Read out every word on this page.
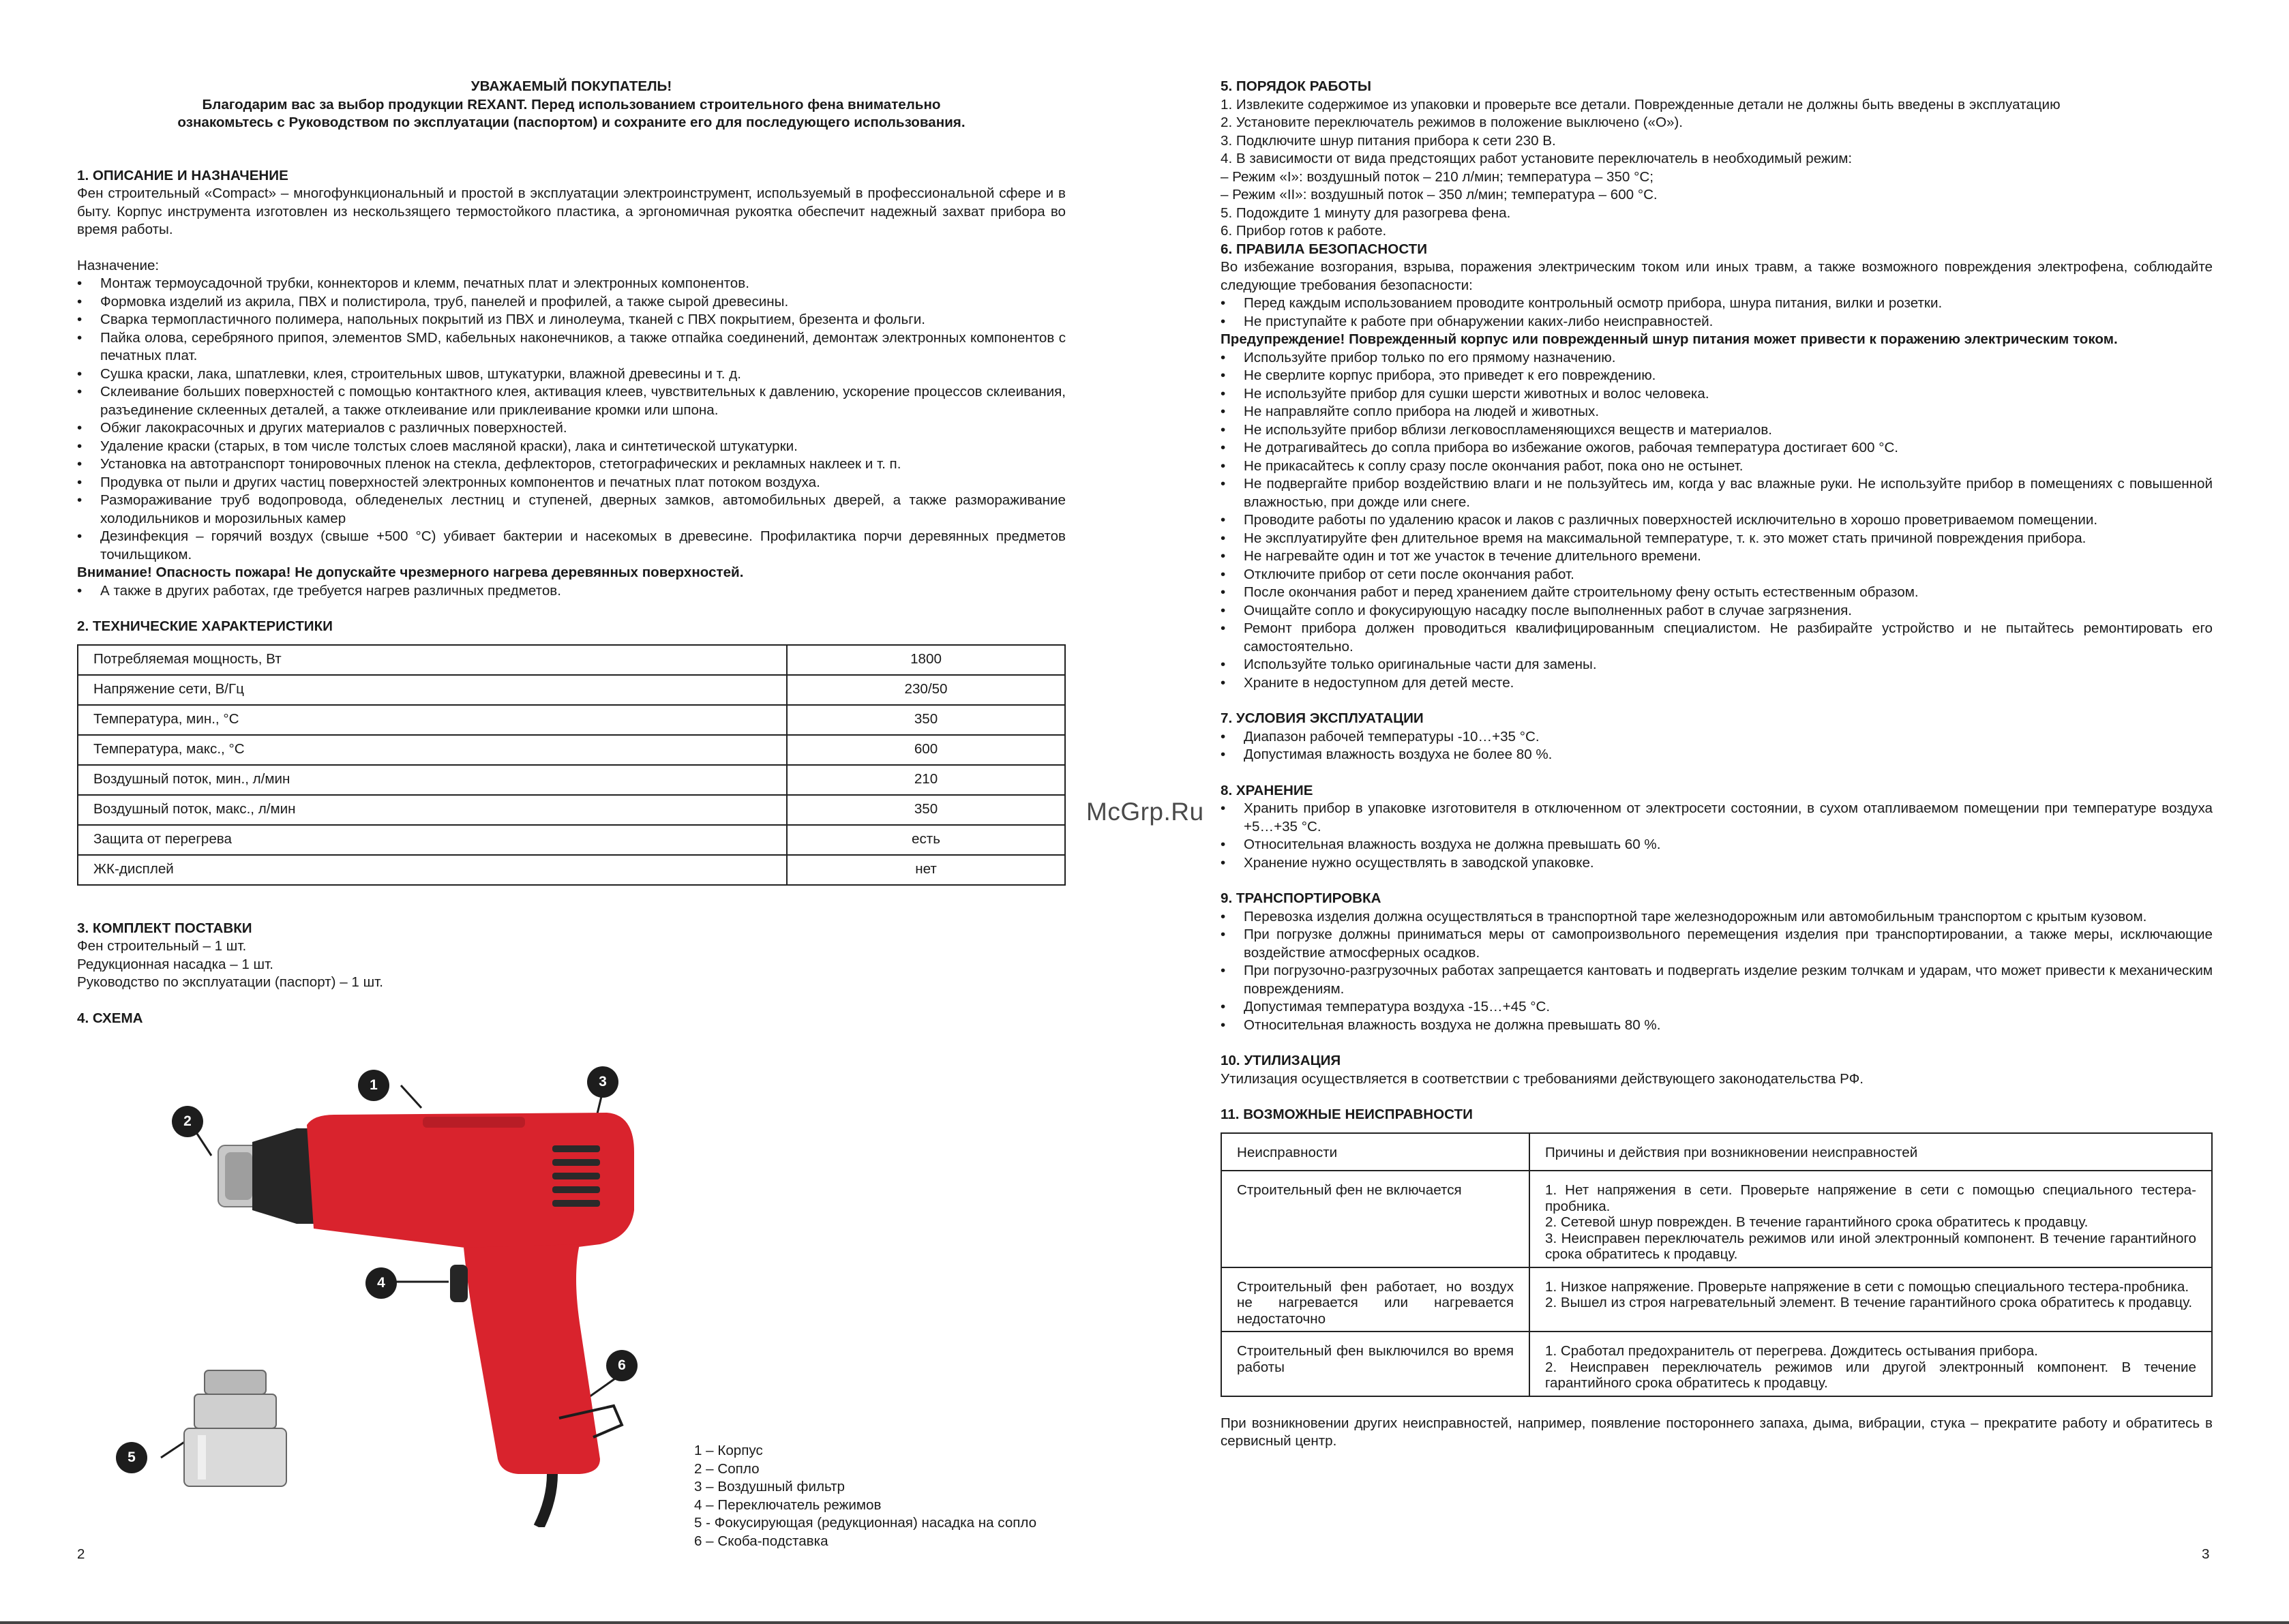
УВАЖАЕМЫЙ ПОКУПАТЕЛЬ!
Благодарим вас за выбор продукции REXANT. Перед использованием строительного фена внимательно
ознакомьтесь с Руководством по эксплуатации (паспортом) и сохраните его для последующего использования.

1. ОПИСАНИЕ И НАЗНАЧЕНИЕ

Фен строительный «Compact» – многофункциональный и простой в эксплуатации электроинструмент, используемый в профессиональной сфере и в быту. Корпус инструмента изготовлен из нескользящего термостойкого пластика, а эргономичная рукоятка обеспечит надежный захват прибора во время работы.

Назначение:

• Монтаж термоусадочной трубки, коннекторов и клемм, печатных плат и электронных компонентов.
• Формовка изделий из акрила, ПВХ и полистирола, труб, панелей и профилей, а также сырой древесины.
• Сварка термопластичного полимера, напольных покрытий из ПВХ и линолеума, тканей с ПВХ покрытием, брезента и фольги.
• Пайка олова, серебряного припоя, элементов SMD, кабельных наконечников, а также отпайка соединений, демонтаж электронных компонентов с печатных плат.
• Сушка краски, лака, шпатлевки, клея, строительных швов, штукатурки, влажной древесины и т. д.
• Склеивание больших поверхностей с помощью контактного клея, активация клеев, чувствительных к давлению, ускорение процессов склеивания, разъединение склеенных деталей, а также отклеивание или приклеивание кромки или шпона.
• Обжиг лакокрасочных и других материалов с различных поверхностей.
• Удаление краски (старых, в том числе толстых слоев масляной краски), лака и синтетической штукатурки.
• Установка на автотранспорт тонировочных пленок на стекла, дефлекторов, стетографических и рекламных наклеек и т. п.
• Продувка от пыли и других частиц поверхностей электронных компонентов и печатных плат потоком воздуха.
• Размораживание труб водопровода, обледенелых лестниц и ступеней, дверных замков, автомобильных дверей, а также размораживание холодильников и морозильных камер
• Дезинфекция – горячий воздух (свыше +500 °C) убивает бактерии и насекомых в древесине. Профилактика порчи деревянных предметов точильщиком.

Внимание! Опасность пожара! Не допускайте чрезмерного нагрева деревянных поверхностей.

• А также в других работах, где требуется нагрев различных предметов.

2. ТЕХНИЧЕСКИЕ ХАРАКТЕРИСТИКИ

Потребляемая мощность, Вт	1800
Напряжение сети, В/Гц	230/50
Температура, мин., °С	350
Температура, макс., °С	600
Воздушный поток, мин., л/мин	210
Воздушный поток, макс., л/мин	350
Защита от перегрева	есть
ЖК-дисплей	нет

3. КОМПЛЕКТ ПОСТАВКИ

Фен строительный – 1 шт.

Редукционная насадка – 1 шт.

Руководство по эксплуатации (паспорт) – 1 шт.

4. СХЕМА

1
2
3
4
5
6
1 – Корпус
2 – Сопло
3 – Воздушный фильтр
4 – Переключатель режимов
5 - Фокусирующая (редукционная) насадка на сопло
6 – Скоба-подставка
2

5. ПОРЯДОК РАБОТЫ

1. Извлеките содержимое из упаковки и проверьте все детали. Поврежденные детали не должны быть введены в эксплуатацию

2. Установите переключатель режимов в положение выключено («О»).

3. Подключите шнур питания прибора к сети 230 В.

4. В зависимости от вида предстоящих работ установите переключатель в необходимый режим:

– Режим «I»: воздушный поток – 210 л/мин; температура – 350 °C;

– Режим «II»: воздушный поток – 350 л/мин; температура – 600 °C.

5. Подождите 1 минуту для разогрева фена.

6. Прибор готов к работе.

6. ПРАВИЛА БЕЗОПАСНОСТИ

Во избежание возгорания, взрыва, поражения электрическим током или иных травм, а также возможного повреждения электрофена, соблюдайте следующие требования безопасности:

• Перед каждым использованием проводите контрольный осмотр прибора, шнура питания, вилки и розетки.
• Не приступайте к работе при обнаружении каких-либо неисправностей.

Предупреждение! Поврежденный корпус или поврежденный шнур питания может привести к поражению электрическим током.

• Используйте прибор только по его прямому назначению.
• Не сверлите корпус прибора, это приведет к его повреждению.
• Не используйте прибор для сушки шерсти животных и волос человека.
• Не направляйте сопло прибора на людей и животных.
• Не используйте прибор вблизи легковоспламеняющихся веществ и материалов.
• Не дотрагивайтесь до сопла прибора во избежание ожогов, рабочая температура достигает 600 °C.
• Не прикасайтесь к соплу сразу после окончания работ, пока оно не остынет.
• Не подвергайте прибор воздействию влаги и не пользуйтесь им, когда у вас влажные руки. Не используйте прибор в помещениях с повышенной влажностью, при дожде или снеге.
• Проводите работы по удалению красок и лаков с различных поверхностей исключительно в хорошо проветриваемом помещении.
• Не эксплуатируйте фен длительное время на максимальной температуре, т. к. это может стать причиной повреждения прибора.
• Не нагревайте один и тот же участок в течение длительного времени.
• Отключите прибор от сети после окончания работ.
• После окончания работ и перед хранением дайте строительному фену остыть естественным образом.
• Очищайте сопло и фокусирующую насадку после выполненных работ в случае загрязнения.
• Ремонт прибора должен проводиться квалифицированным специалистом. Не разбирайте устройство и не пытайтесь ремонтировать его самостоятельно.
• Используйте только оригинальные части для замены.
• Храните в недоступном для детей месте.

7. УСЛОВИЯ ЭКСПЛУАТАЦИИ

• Диапазон рабочей температуры -10…+35 °C.
• Допустимая влажность воздуха не более 80 %.

8. ХРАНЕНИЕ

• Хранить прибор в упаковке изготовителя в отключенном от электросети состоянии, в сухом отапливаемом помещении при температуре воздуха +5…+35 °C.
• Относительная влажность воздуха не должна превышать 60 %.
• Хранение нужно осуществлять в заводской упаковке.

9. ТРАНСПОРТИРОВКА

• Перевозка изделия должна осуществляться в транспортной таре железнодорожным или автомобильным транспортом с крытым кузовом.
• При погрузке должны приниматься меры от самопроизвольного перемещения изделия при транспортировании, а также меры, исключающие воздействие атмосферных осадков.
• При погрузочно-разгрузочных работах запрещается кантовать и подвергать изделие резким толчкам и ударам, что может привести к механическим повреждениям.
• Допустимая температура воздуха -15…+45 °C.
• Относительная влажность воздуха не должна превышать 80 %.

10. УТИЛИЗАЦИЯ

Утилизация осуществляется в соответствии с требованиями действующего законодательства РФ.

11. ВОЗМОЖНЫЕ НЕИСПРАВНОСТИ

Неисправности	Причины и действия при возникновении неисправностей
Строительный фен не включается	1. Нет напряжения в сети. Проверьте напряжение в сети с помощью специального тестера-пробника.
2. Сетевой шнур поврежден. В течение гарантийного срока обратитесь к продавцу.
3. Неисправен переключатель режимов или иной электронный компонент. В течение гарантийного срока обратитесь к продавцу.

Строительный фен работает, но воздух не нагревается или нагревается недостаточно	1. Низкое напряжение. Проверьте напряжение в сети с помощью специального тестера-пробника.
2. Вышел из строя нагревательный элемент. В течение гарантийного срока обратитесь к продавцу.

Строительный фен выключился во время работы	1. Сработал предохранитель от перегрева. Дождитесь остывания прибора.
2. Неисправен переключатель режимов или другой электронный компонент. В течение гарантийного срока обратитесь к продавцу.

При возникновении других неисправностей, например, появление постороннего запаха, дыма, вибрации, стука – прекратите работу и обратитесь в сервисный центр.

3
McGrp.Ru
